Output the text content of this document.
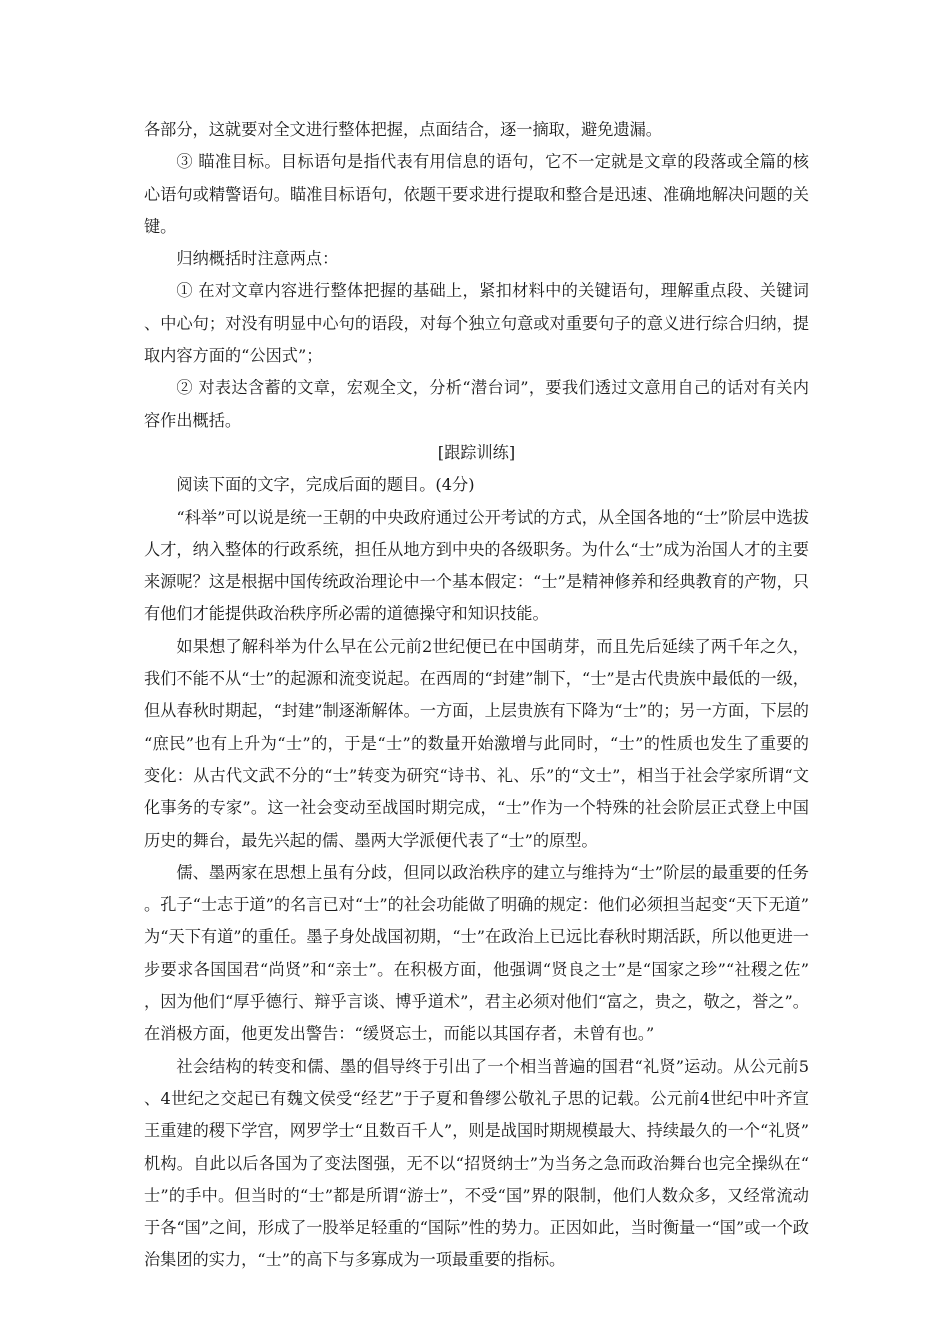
各部分，这就要对全文进行整体把握，点面结合，逐一摘取，避免遗漏。

③ 瞄准目标。目标语句是指代表有用信息的语句，它不一定就是文章的段落或全篇的核心语句或精警语句。瞄准目标语句，依题干要求进行提取和整合是迅速、准确地解决问题的关键。

归纳概括时注意两点：

① 在对文章内容进行整体把握的基础上，紧扣材料中的关键语句，理解重点段、关键词、中心句；对没有明显中心句的语段，对每个独立句意或对重要句子的意义进行综合归纳，提取内容方面的“公因式”；

② 对表达含蓄的文章，宏观全文，分析“潜台词”，要我们透过文意用自己的话对有关内容作出概括。

[跟踪训练]

阅读下面的文字，完成后面的题目。(4分)

“科举”可以说是统一王朝的中央政府通过公开考试的方式，从全国各地的“士”阶层中选拔人才，纳入整体的行政系统，担任从地方到中央的各级职务。为什么“士”成为治国人才的主要来源呢？这是根据中国传统政治理论中一个基本假定：“士”是精神修养和经典教育的产物，只有他们才能提供政治秩序所必需的道德操守和知识技能。

如果想了解科举为什么早在公元前2世纪便已在中国萌芽，而且先后延续了两千年之久，我们不能不从“士”的起源和流变说起。在西周的“封建”制下，“士”是古代贵族中最低的一级，但从春秋时期起，“封建”制逐渐解体。一方面，上层贵族有下降为“士”的；另一方面，下层的“庶民”也有上升为“士”的，于是“士”的数量开始激增与此同时，“士”的性质也发生了重要的变化：从古代文武不分的“士”转变为研究“诗书、礼、乐”的“文士”，相当于社会学家所谓“文化事务的专家”。这一社会变动至战国时期完成，“士”作为一个特殊的社会阶层正式登上中国历史的舞台，最先兴起的儒、墨两大学派便代表了“士”的原型。

儒、墨两家在思想上虽有分歧，但同以政治秩序的建立与维持为“士”阶层的最重要的任务。孔子“士志于道”的名言已对“士”的社会功能做了明确的规定：他们必须担当起变“天下无道”为“天下有道”的重任。墨子身处战国初期，“士”在政治上已远比春秋时期活跃，所以他更进一步要求各国国君“尚贤”和“亲士”。在积极方面，他强调“贤良之士”是“国家之珍”“社稷之佐”，因为他们“厚乎德行、辩乎言谈、博乎道术”，君主必须对他们“富之，贵之，敬之，誉之”。在消极方面，他更发出警告：“缓贤忘士，而能以其国存者，未曾有也。”

社会结构的转变和儒、墨的倡导终于引出了一个相当普遍的国君“礼贤”运动。从公元前5、4世纪之交起已有魏文侯受“经艺”于子夏和鲁缪公敬礼子思的记载。公元前4世纪中叶齐宣王重建的稷下学宫，网罗学士“且数百千人”，则是战国时期规模最大、持续最久的一个“礼贤”机构。自此以后各国为了变法图强，无不以“招贤纳士”为当务之急而政治舞台也完全操纵在“士”的手中。但当时的“士”都是所谓“游士”，不受“国”界的限制，他们人数众多，又经常流动于各“国”之间，形成了一股举足轻重的“国际”性的势力。正因如此，当时衡量一“国”或一个政治集团的实力，“士”的高下与多寡成为一项最重要的指标。
